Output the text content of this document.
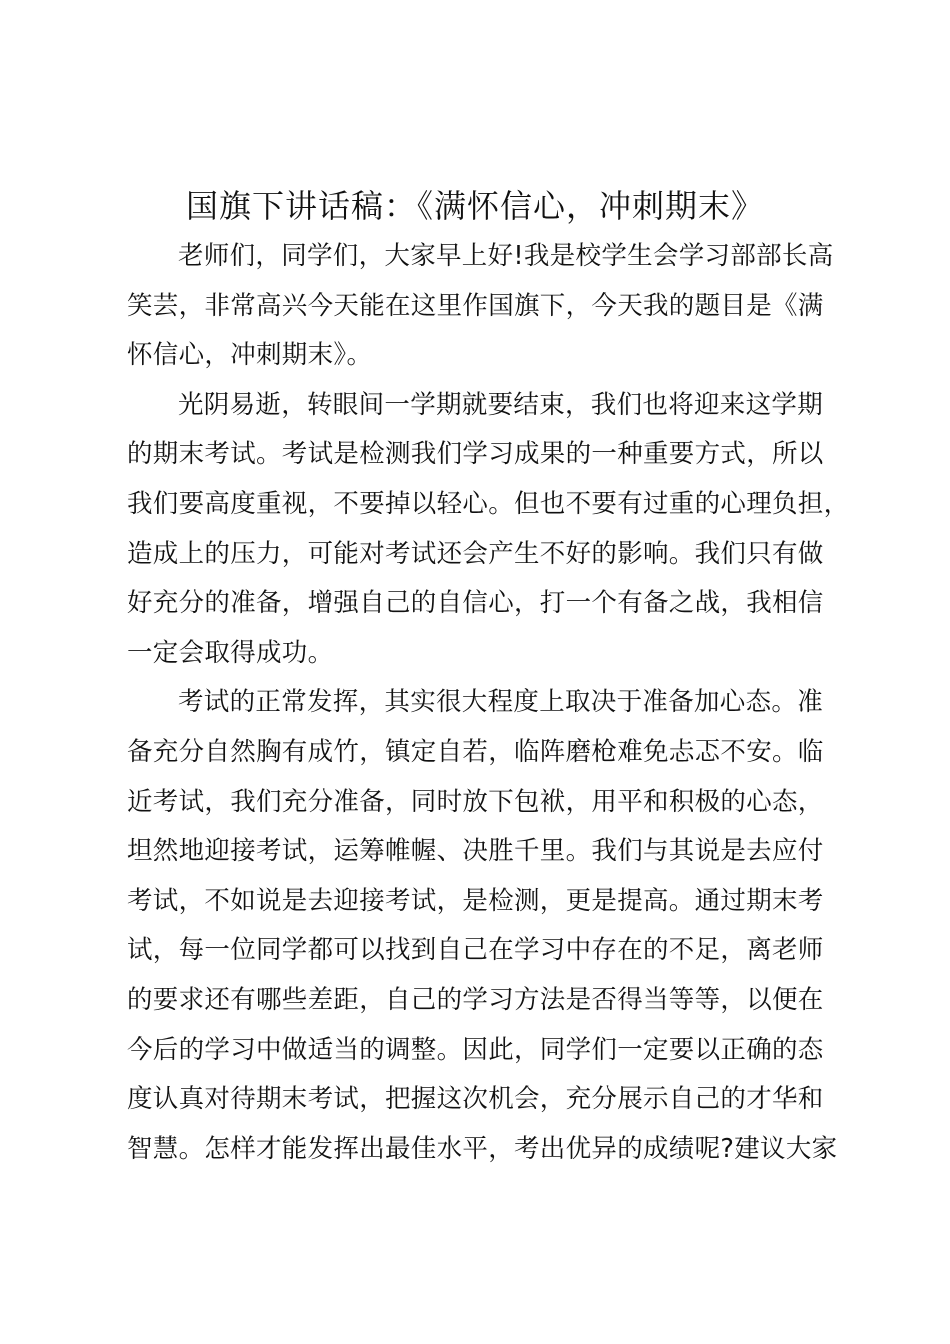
国旗下讲话稿：《满怀信心，冲刺期末》
老师们，同学们，大家早上好!我是校学生会学习部部长高
笑芸，非常高兴今天能在这里作国旗下，今天我的题目是《满
怀信心，冲刺期末》。
光阴易逝，转眼间一学期就要结束，我们也将迎来这学期
的期末考试。考试是检测我们学习成果的一种重要方式，所以
我们要高度重视，不要掉以轻心。但也不要有过重的心理负担，
造成上的压力，可能对考试还会产生不好的影响。我们只有做
好充分的准备，增强自己的自信心，打一个有备之战，我相信
一定会取得成功。
考试的正常发挥，其实很大程度上取决于准备加心态。准
备充分自然胸有成竹，镇定自若，临阵磨枪难免忐忑不安。临
近考试，我们充分准备，同时放下包袱，用平和积极的心态，
坦然地迎接考试，运筹帷幄、决胜千里。我们与其说是去应付
考试，不如说是去迎接考试，是检测，更是提高。通过期末考
试，每一位同学都可以找到自己在学习中存在的不足，离老师
的要求还有哪些差距，自己的学习方法是否得当等等，以便在
今后的学习中做适当的调整。因此，同学们一定要以正确的态
度认真对待期末考试，把握这次机会，充分展示自己的才华和
智慧。怎样才能发挥出最佳水平，考出优异的成绩呢?建议大家
